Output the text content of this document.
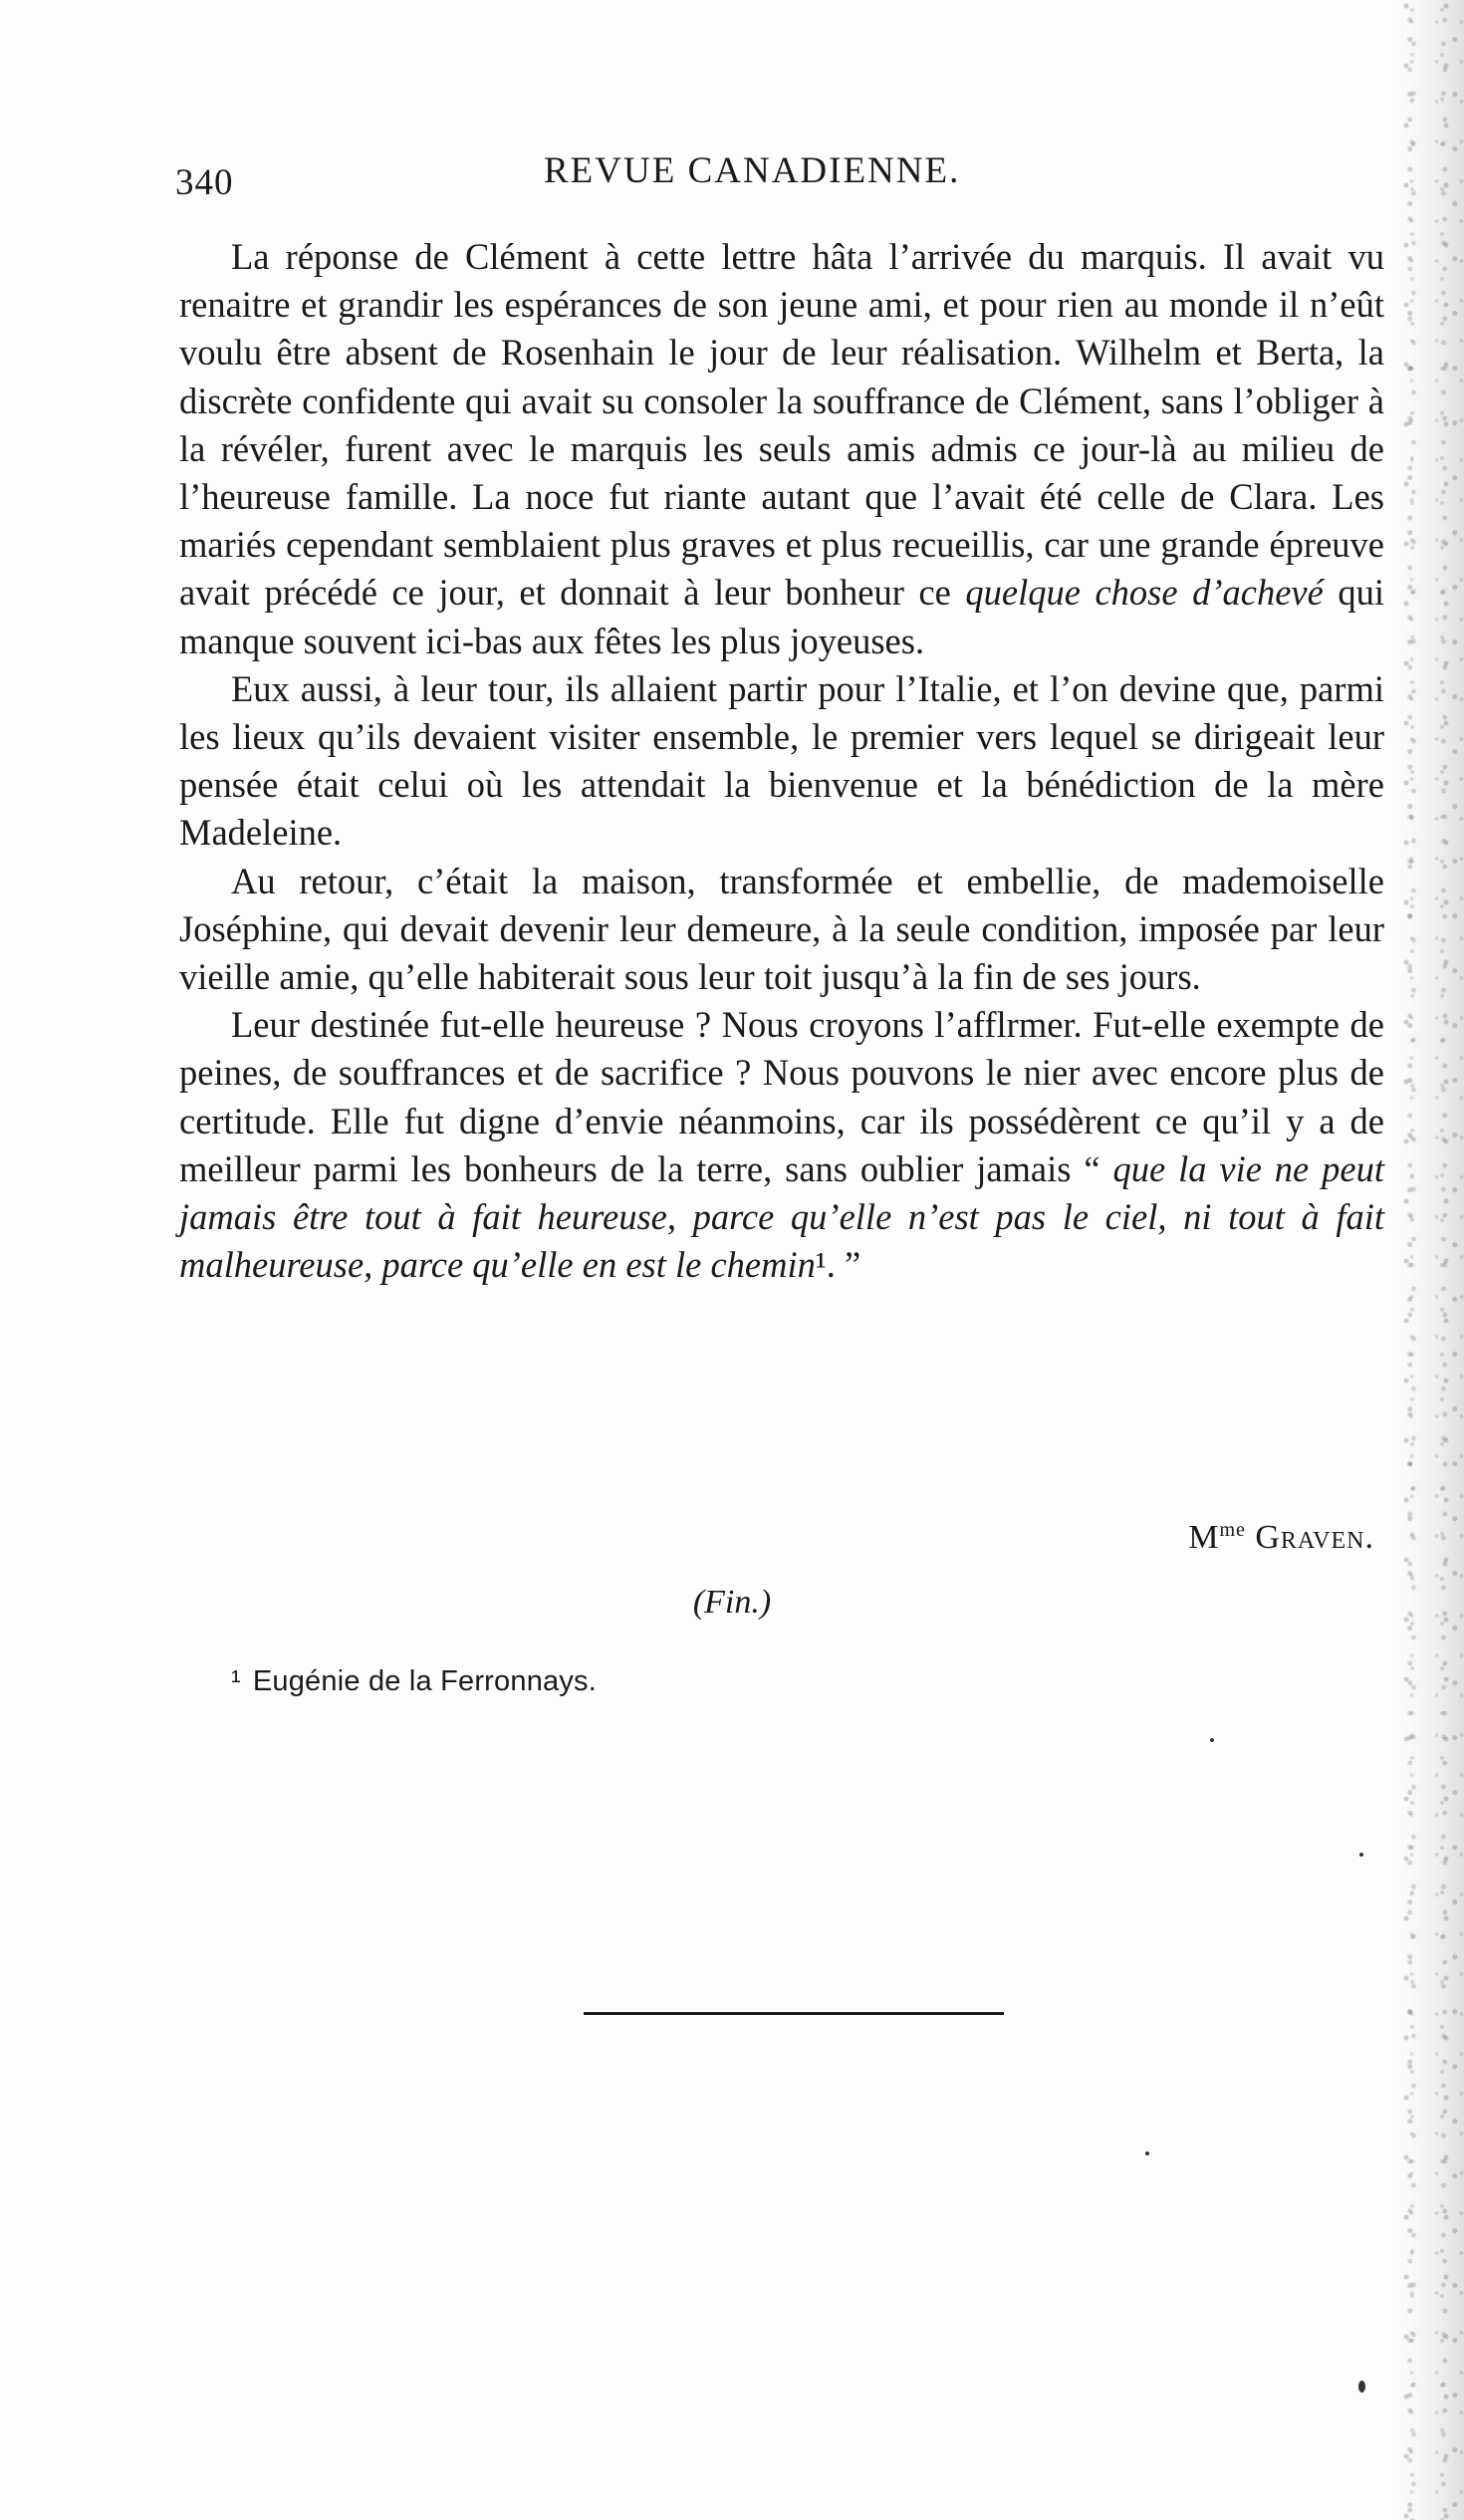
340	REVUE CANADIENNE.

La réponse de Clément à cette lettre hâta l’arrivée du marquis. Il avait vu renaitre et grandir les espérances de son jeune ami, et pour rien au monde il n’eût voulu être absent de Rosenhain le jour de leur réalisation. Wilhelm et Berta, la discrète confidente qui avait su consoler la souffrance de Clément, sans l’obliger à la révéler, furent avec le marquis les seuls amis admis ce jour-là au milieu de l’heureuse famille. La noce fut riante autant que l’avait été celle de Clara. Les mariés cependant semblaient plus graves et plus recueillis, car une grande épreuve avait précédé ce jour, et donnait à leur bonheur ce quelque chose d’achevé qui manque souvent ici-bas aux fêtes les plus joyeuses.

Eux aussi, à leur tour, ils allaient partir pour l’Italie, et l’on devine que, parmi les lieux qu’ils devaient visiter ensemble, le premier vers lequel se dirigeait leur pensée était celui où les attendait la bienvenue et la bénédiction de la mère Madeleine.

Au retour, c’était la maison, transformée et embellie, de mademoiselle Joséphine, qui devait devenir leur demeure, à la seule condition, imposée par leur vieille amie, qu’elle habiterait sous leur toit jusqu’à la fin de ses jours.

Leur destinée fut-elle heureuse ? Nous croyons l’afflrmer. Fut-elle exempte de peines, de souffrances et de sacrifice ? Nous pouvons le nier avec encore plus de certitude. Elle fut digne d’envie néanmoins, car ils possédèrent ce qu’il y a de meilleur parmi les bonheurs de la terre, sans oublier jamais “ que la vie ne peut jamais être tout à fait heureuse, parce qu’elle n’est pas le ciel, ni tout à fait malheureuse, parce qu’elle en est le chemin¹. ”

$M^{me}$ Graven.
(Fin.)
¹ Eugénie de la Ferronnays.
